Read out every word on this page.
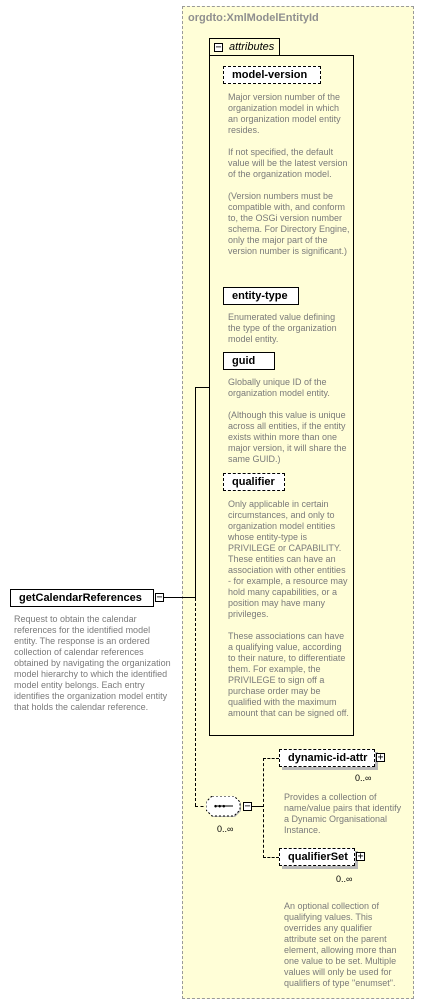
orgdto:XmlModelEntityId
− attributes
model-version
Major version number of the organization model in which an organization model entity resides.

If not specified, the default value will be the latest version of the organization model.

(Version numbers must be compatible with, and conform to, the OSGi version number schema. For Directory Engine, only the major part of the version number is significant.)
entity-type
Enumerated value defining the type of the organization model entity.
guid
Globally unique ID of the organization model entity.

(Although this value is unique across all entities, if the entity exists within more than one major version, it will share the same GUID.)
qualifier
Only applicable in certain circumstances, and only to organization model entities whose entity-type is PRIVILEGE or CAPABILITY. These entities can have an association with other entities - for example, a resource may hold many capabilities, or a position may have many privileges.

These associations can have a qualifying value, according to their nature, to differentiate them. For example, the PRIVILEGE to sign off a purchase order may be qualified with the maximum amount that can be signed off.
getCalendarReferences	−
Request to obtain the calendar references for the identified model entity. The response is an ordered collection of calendar references obtained by navigating the organization model hierarchy to which the identified model entity belongs. Each entry identifies the organization model entity that holds the calendar reference.
••• −
0..∞
dynamic-id-attr	+
0..∞
Provides a collection of name/value pairs that identify a Dynamic Organisational Instance.
qualifierSet +
0..∞
An optional collection of qualifying values. This overrides any qualifier attribute set on the parent element, allowing more than one value to be set. Multiple values will only be used for qualifiers of type "enumset".
